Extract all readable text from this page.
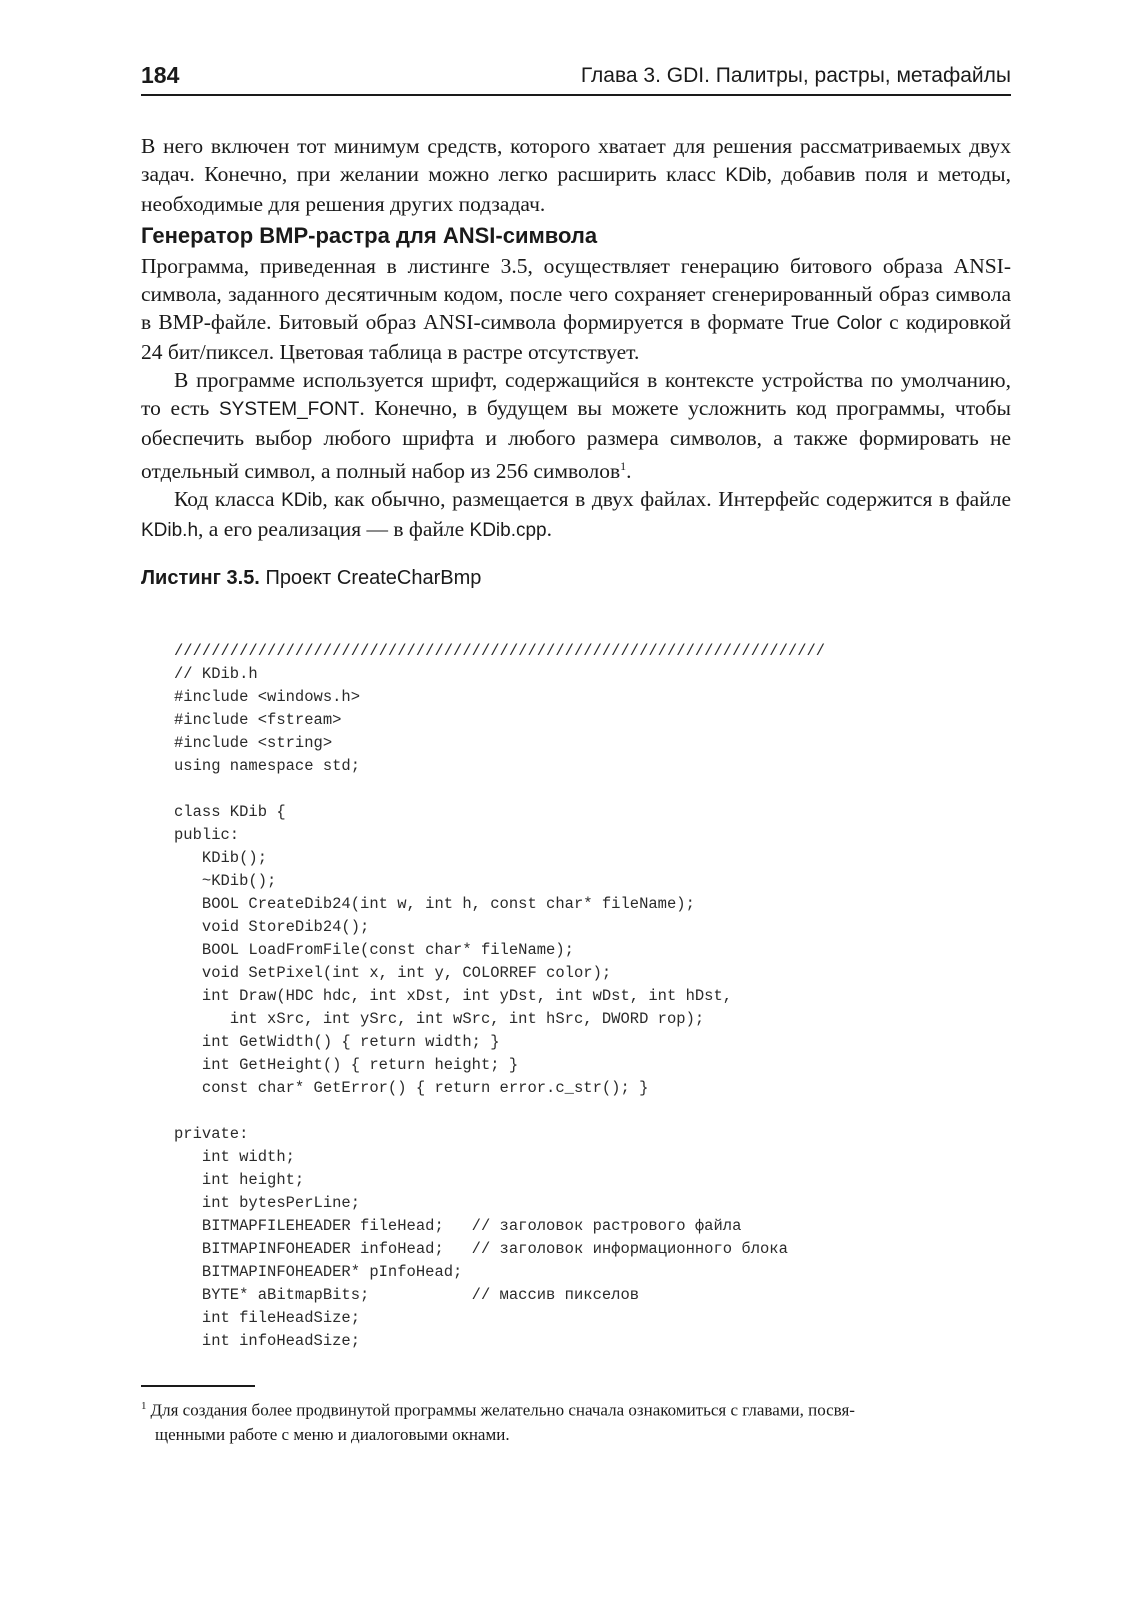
184	Глава 3. GDI. Палитры, растры, метафайлы

В него включен тот минимум средств, которого хватает для решения рассматриваемых двух задач. Конечно, при желании можно легко расширить класс KDib, добавив поля и методы, необходимые для решения других подзадач.

Генератор BMP-растра для ANSI-символа

Программа, приведенная в листинге 3.5, осуществляет генерацию битового образа ANSI-символа, заданного десятичным кодом, после чего сохраняет сгенерированный образ символа в BMP-файле. Битовый образ ANSI-символа формируется в формате True Color с кодировкой 24 бит/пиксел. Цветовая таблица в растре отсутствует.

В программе используется шрифт, содержащийся в контексте устройства по умолчанию, то есть SYSTEM_FONT. Конечно, в будущем вы можете усложнить код программы, чтобы обеспечить выбор любого шрифта и любого размера символов, а также формировать не отдельный символ, а полный набор из 256 символов$^1$.

Код класса KDib, как обычно, размещается в двух файлах. Интерфейс содержится в файле KDib.h, а его реализация — в файле KDib.cpp.

Листинг 3.5. Проект CreateCharBmp
//////////////////////////////////////////////////////////////////////
// KDib.h
#include <windows.h>
#include <fstream>
#include <string>
using namespace std;

class KDib {
public:
KDib();
~KDib();
BOOL CreateDib24(int w, int h, const char* fileName);
void StoreDib24();
BOOL LoadFromFile(const char* fileName);
void SetPixel(int x, int y, COLORREF color);
int Draw(HDC hdc, int xDst, int yDst, int wDst, int hDst,
int xSrc, int ySrc, int wSrc, int hSrc, DWORD rop);
int GetWidth() { return width; }
int GetHeight() { return height; }
const char* GetError() { return error.c_str(); }

private:
int width;
int height;
int bytesPerLine;
BITMAPFILEHEADER fileHead;   // заголовок растрового файла
BITMAPINFOHEADER infoHead;   // заголовок информационного блока
BITMAPINFOHEADER* pInfoHead;
BYTE* aBitmapBits;           // массив пикселов
int fileHeadSize;
int infoHeadSize;
$^1$ Для создания более продвинутой программы желательно сначала ознакомиться с главами, посвя-
щенными работе с меню и диалоговыми окнами.
